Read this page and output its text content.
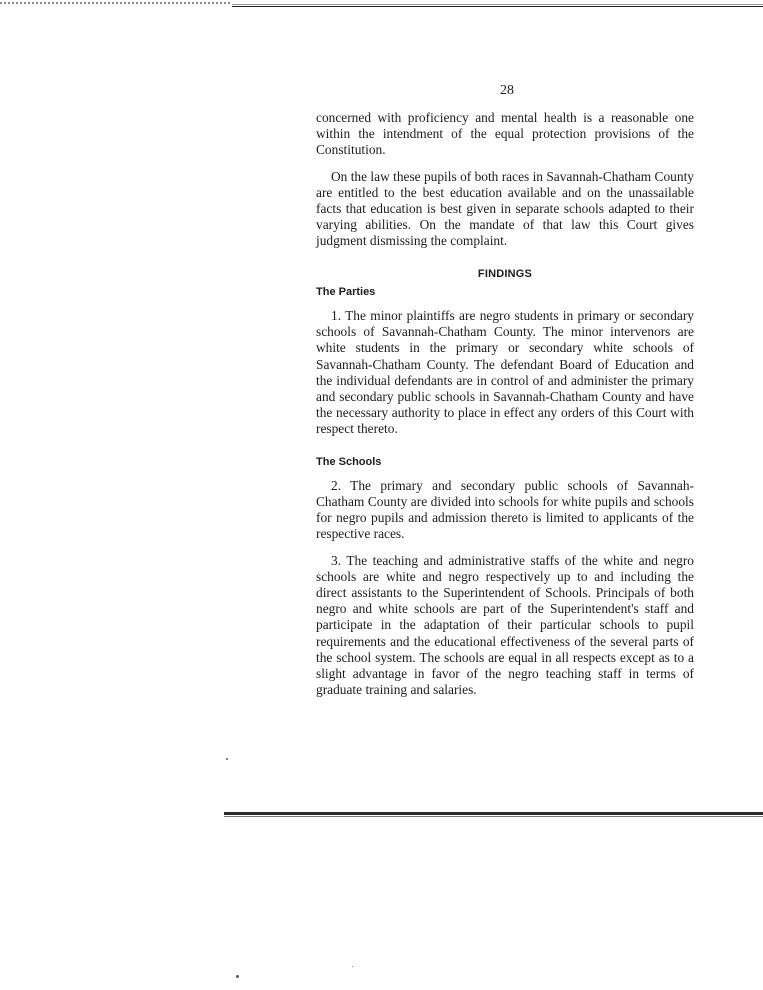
28

concerned with proficiency and mental health is a reasonable one within the intendment of the equal protection provisions of the Constitution.

On the law these pupils of both races in Savannah-Chatham County are entitled to the best education available and on the unassailable facts that education is best given in separate schools adapted to their varying abilities. On the mandate of that law this Court gives judgment dismissing the complaint.

FINDINGS
The Parties

1. The minor plaintiffs are negro students in primary or secondary schools of Savannah-Chatham County. The minor intervenors are white students in the primary or secondary white schools of Savannah-Chatham County. The defendant Board of Education and the individual defendants are in control of and administer the primary and secondary public schools in Savannah-Chatham County and have the necessary authority to place in effect any orders of this Court with respect thereto.

The Schools

2. The primary and secondary public schools of Savannah-Chatham County are divided into schools for white pupils and schools for negro pupils and admission thereto is limited to applicants of the respective races.

3. The teaching and administrative staffs of the white and negro schools are white and negro respectively up to and including the direct assistants to the Superintendent of Schools. Principals of both negro and white schools are part of the Superintendent's staff and participate in the adaptation of their particular schools to pupil requirements and the educational effectiveness of the several parts of the school system. The schools are equal in all respects except as to a slight advantage in favor of the negro teaching staff in terms of graduate training and salaries.
